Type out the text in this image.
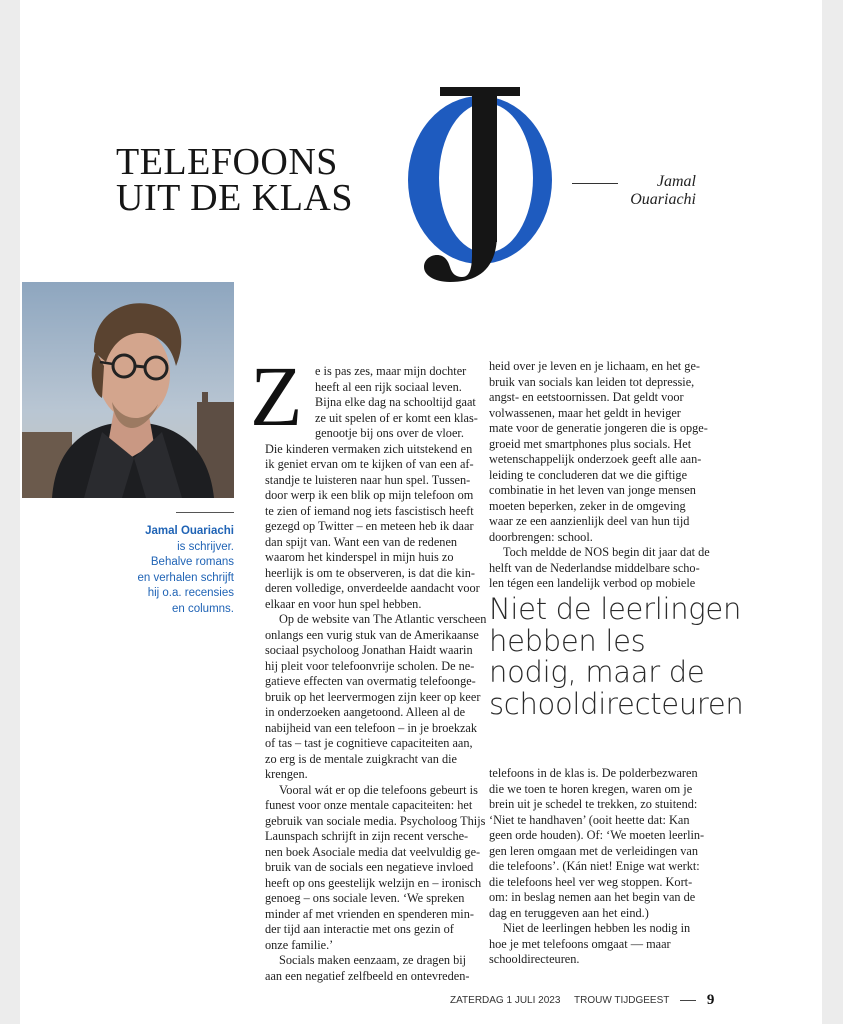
TELEFOONS
UIT DE KLAS	Jamal
Ouariachi
Jamal Ouariachi
is schrijver.
Behalve romans
en verhalen schrijft
hij o.a. recensies
en columns.
Z	e is pas zes, maar mijn dochter
heeft al een rijk sociaal leven.
Bijna elke dag na schooltijd gaat
ze uit spelen of er komt een klas-
genootje bij ons over de vloer.
Die kinderen vermaken zich uitstekend en
ik geniet ervan om te kijken of van een af-
standje te luisteren naar hun spel. Tussen-
door werp ik een blik op mijn telefoon om
te zien of iemand nog iets fascistisch heeft
gezegd op Twitter – en meteen heb ik daar
dan spijt van. Want een van de redenen
waarom het kinderspel in mijn huis zo
heerlijk is om te observeren, is dat die kin-
deren volledige, onverdeelde aandacht voor
elkaar en voor hun spel hebben.
Op de website van The Atlantic verscheen
onlangs een vurig stuk van de Amerikaanse
sociaal psycholoog Jonathan Haidt waarin
hij pleit voor telefoonvrije scholen. De ne-
gatieve effecten van overmatig telefoonge-
bruik op het leervermogen zijn keer op keer
in onderzoeken aangetoond. Alleen al de
nabijheid van een telefoon – in je broekzak
of tas – tast je cognitieve capaciteiten aan,
zo erg is de mentale zuigkracht van die
krengen.
Vooral wát er op die telefoons gebeurt is
funest voor onze mentale capaciteiten: het
gebruik van sociale media. Psycholoog Thijs
Launspach schrijft in zijn recent versche-
nen boek Asociale media dat veelvuldig ge-
bruik van de socials een negatieve invloed
heeft op ons geestelijk welzijn en – ironisch
genoeg – ons sociale leven. ‘We spreken
minder af met vrienden en spenderen min-
der tijd aan interactie met ons gezin of
onze familie.’
Socials maken eenzaam, ze dragen bij
aan een negatief zelfbeeld en ontevreden-
heid over je leven en je lichaam, en het ge-
bruik van socials kan leiden tot depressie,
angst- en eetstoornissen. Dat geldt voor
volwassenen, maar het geldt in heviger
mate voor de generatie jongeren die is opge-
groeid met smartphones plus socials. Het
wetenschappelijk onderzoek geeft alle aan-
leiding te concluderen dat we die giftige
combinatie in het leven van jonge mensen
moeten beperken, zeker in de omgeving
waar ze een aanzienlijk deel van hun tijd
doorbrengen: school.
Toch meldde de NOS begin dit jaar dat de
helft van de Nederlandse middelbare scho-
len tégen een landelijk verbod op mobiele
Niet de leerlingen
hebben les
nodig, maar de
schooldirecteuren
telefoons in de klas is. De polderbezwaren
die we toen te horen kregen, waren om je
brein uit je schedel te trekken, zo stuitend:
‘Niet te handhaven’ (ooit heette dat: Kan
geen orde houden). Of: ‘We moeten leerlin-
gen leren omgaan met de verleidingen van
die telefoons’. (Kán niet! Enige wat werkt:
die telefoons heel ver weg stoppen. Kort-
om: in beslag nemen aan het begin van de
dag en teruggeven aan het eind.)
Niet de leerlingen hebben les nodig in
hoe je met telefoons omgaat — maar
schooldirecteuren.
ZATERDAG 1 JULI 2023 TROUW TIJDGEEST	9
